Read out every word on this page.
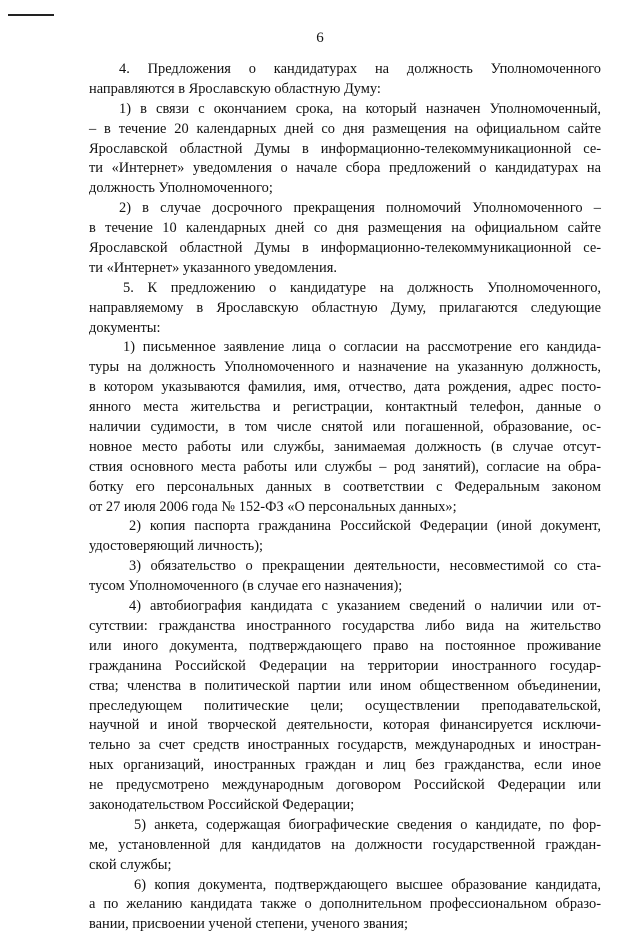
6
4. Предложения о кандидатурах на должность Уполномоченного
направляются в Ярославскую областную Думу:
1) в связи с окончанием срока, на который назначен Уполномоченный,
– в течение 20 календарных дней со дня размещения на официальном сайте
Ярославской областной Думы в информационно-телекоммуникационной се-
ти «Интернет» уведомления о начале сбора предложений о кандидатурах на
должность Уполномоченного;
2) в случае досрочного прекращения полномочий Уполномоченного –
в течение 10 календарных дней со дня размещения на официальном сайте
Ярославской областной Думы в информационно-телекоммуникационной се-
ти «Интернет» указанного уведомления.
5. К предложению о кандидатуре на должность Уполномоченного,
направляемому в Ярославскую областную Думу, прилагаются следующие
документы:
1) письменное заявление лица о согласии на рассмотрение его кандида-
туры на должность Уполномоченного и назначение на указанную должность,
в котором указываются фамилия, имя, отчество, дата рождения, адрес посто-
янного места жительства и регистрации, контактный телефон, данные о
наличии судимости, в том числе снятой или погашенной, образование, ос-
новное место работы или службы, занимаемая должность (в случае отсут-
ствия основного места работы или службы – род занятий), согласие на обра-
ботку его персональных данных в соответствии с Федеральным законом
от 27 июля 2006 года № 152-ФЗ «О персональных данных»;
2) копия паспорта гражданина Российской Федерации (иной документ,
удостоверяющий личность);
3) обязательство о прекращении деятельности, несовместимой со ста-
тусом Уполномоченного (в случае его назначения);
4) автобиография кандидата с указанием сведений о наличии или от-
сутствии: гражданства иностранного государства либо вида на жительство
или иного документа, подтверждающего право на постоянное проживание
гражданина Российской Федерации на территории иностранного государ-
ства; членства в политической партии или ином общественном объединении,
преследующем политические цели; осуществлении преподавательской,
научной и иной творческой деятельности, которая финансируется исключи-
тельно за счет средств иностранных государств, международных и иностран-
ных организаций, иностранных граждан и лиц без гражданства, если иное
не предусмотрено международным договором Российской Федерации или
законодательством Российской Федерации;
5) анкета, содержащая биографические сведения о кандидате, по фор-
ме, установленной для кандидатов на должности государственной граждан-
ской службы;
6) копия документа, подтверждающего высшее образование кандидата,
а по желанию кандидата также о дополнительном профессиональном образо-
вании, присвоении ученой степени, ученого звания;
